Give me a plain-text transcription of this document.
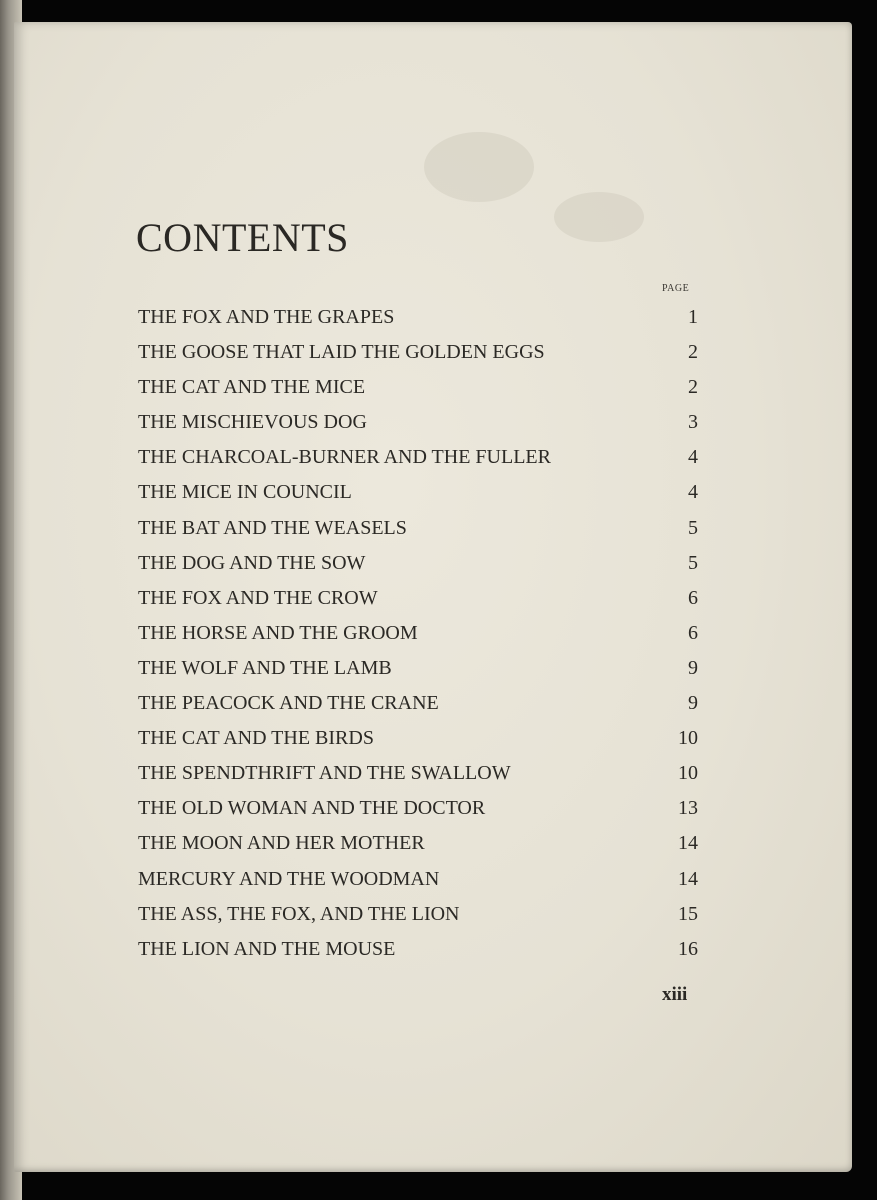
CONTENTS
PAGE
THE FOX AND THE GRAPES	1
THE GOOSE THAT LAID THE GOLDEN EGGS	2
THE CAT AND THE MICE	2
THE MISCHIEVOUS DOG	3
THE CHARCOAL-BURNER AND THE FULLER	4
THE MICE IN COUNCIL	4
THE BAT AND THE WEASELS	5
THE DOG AND THE SOW	5
THE FOX AND THE CROW	6
THE HORSE AND THE GROOM	6
THE WOLF AND THE LAMB	9
THE PEACOCK AND THE CRANE	9
THE CAT AND THE BIRDS	10
THE SPENDTHRIFT AND THE SWALLOW	10
THE OLD WOMAN AND THE DOCTOR	13
THE MOON AND HER MOTHER	14
MERCURY AND THE WOODMAN	14
THE ASS, THE FOX, AND THE LION	15
THE LION AND THE MOUSE	16
xiii
